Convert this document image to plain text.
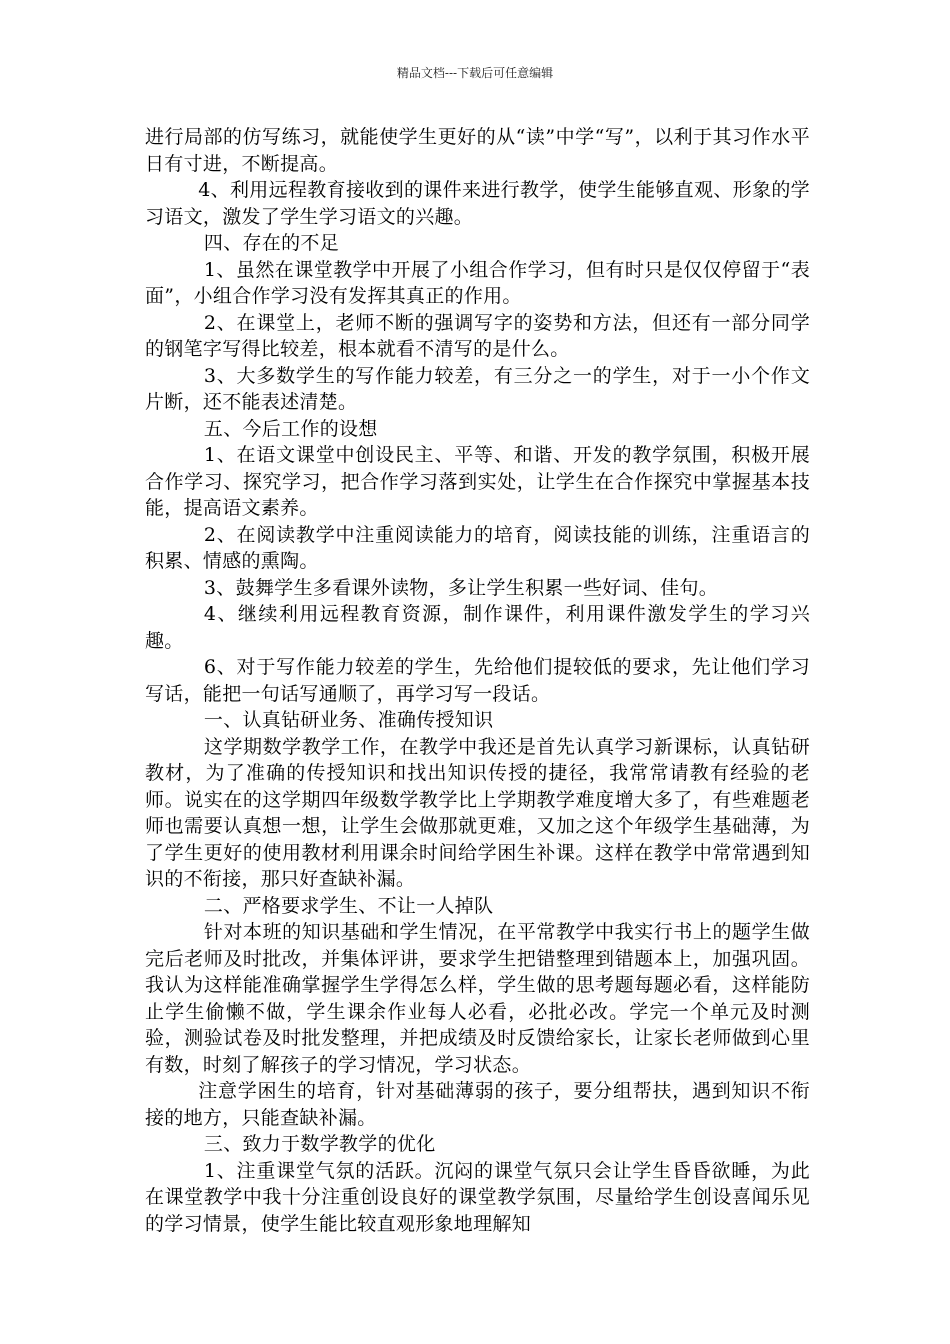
精品文档---下载后可任意编辑

进行局部的仿写练习，就能使学生更好的从“读”中学“写”，以利于其习作水平日有寸进，不断提高。

4、利用远程教育接收到的课件来进行教学，使学生能够直观、形象的学习语文，激发了学生学习语文的兴趣。

四、存在的不足

1、虽然在课堂教学中开展了小组合作学习，但有时只是仅仅停留于“表面”，小组合作学习没有发挥其真正的作用。

2、在课堂上，老师不断的强调写字的姿势和方法，但还有一部分同学的钢笔字写得比较差，根本就看不清写的是什么。

3、大多数学生的写作能力较差，有三分之一的学生，对于一小个作文片断，还不能表述清楚。

五、今后工作的设想

1、在语文课堂中创设民主、平等、和谐、开发的教学氛围，积极开展合作学习、探究学习，把合作学习落到实处，让学生在合作探究中掌握基本技能，提高语文素养。

2、在阅读教学中注重阅读能力的培育，阅读技能的训练，注重语言的积累、情感的熏陶。

3、鼓舞学生多看课外读物，多让学生积累一些好词、佳句。

4、继续利用远程教育资源，制作课件，利用课件激发学生的学习兴趣。

6、对于写作能力较差的学生，先给他们提较低的要求，先让他们学习写话，能把一句话写通顺了，再学习写一段话。

一、认真钻研业务、准确传授知识

这学期数学教学工作，在教学中我还是首先认真学习新课标，认真钻研教材，为了准确的传授知识和找出知识传授的捷径，我常常请教有经验的老师。说实在的这学期四年级数学教学比上学期教学难度增大多了，有些难题老师也需要认真想一想，让学生会做那就更难，又加之这个年级学生基础薄，为了学生更好的使用教材利用课余时间给学困生补课。这样在教学中常常遇到知识的不衔接，那只好查缺补漏。

二、严格要求学生、不让一人掉队

针对本班的知识基础和学生情况，在平常教学中我实行书上的题学生做完后老师及时批改，并集体评讲，要求学生把错整理到错题本上，加强巩固。我认为这样能准确掌握学生学得怎么样，学生做的思考题每题必看，这样能防止学生偷懒不做，学生课余作业每人必看，必批必改。学完一个单元及时测验，测验试卷及时批发整理，并把成绩及时反馈给家长，让家长老师做到心里有数，时刻了解孩子的学习情况，学习状态。

注意学困生的培育，针对基础薄弱的孩子，要分组帮扶，遇到知识不衔接的地方，只能查缺补漏。

三、致力于数学教学的优化

1、注重课堂气氛的活跃。沉闷的课堂气氛只会让学生昏昏欲睡，为此在课堂教学中我十分注重创设良好的课堂教学氛围，尽量给学生创设喜闻乐见的学习情景，使学生能比较直观形象地理解知
